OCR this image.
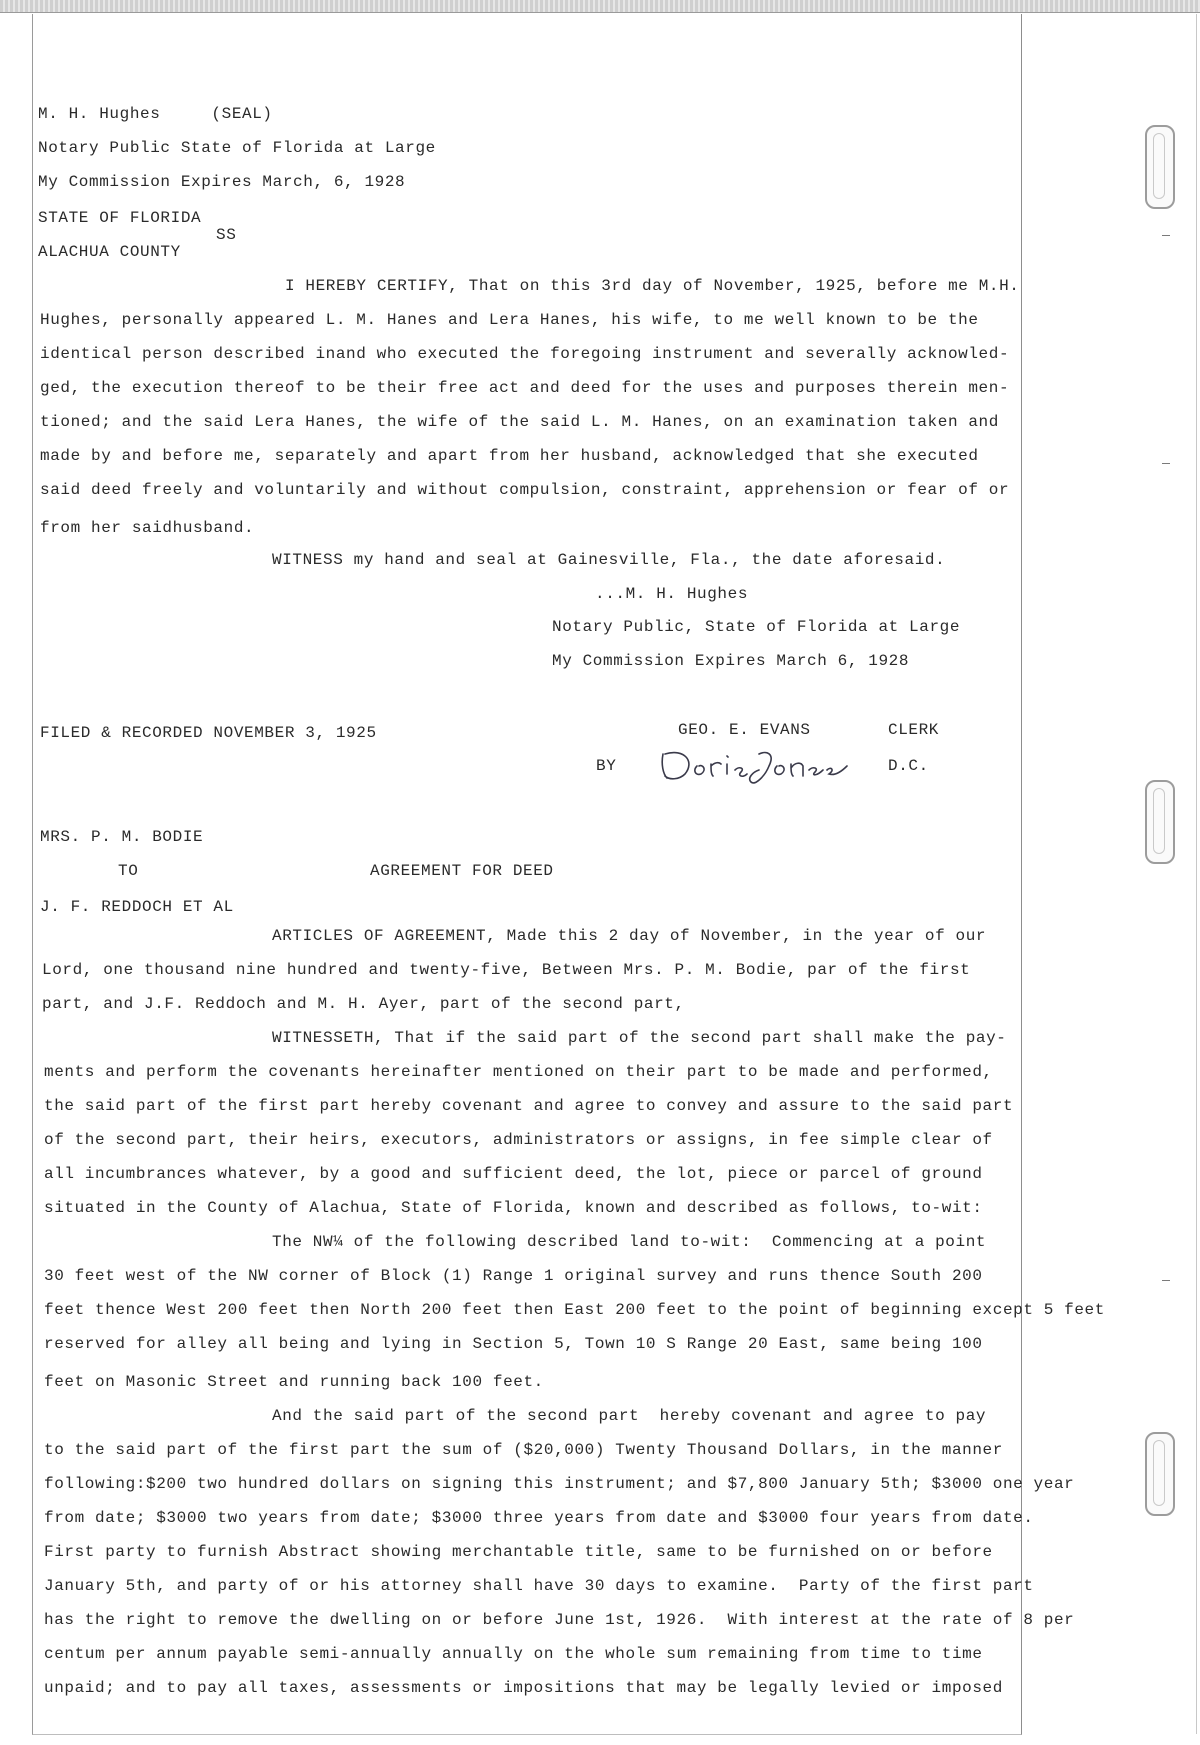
M. H. Hughes     (SEAL)
Notary Public State of Florida at Large
My Commission Expires March, 6, 1928
STATE OF FLORIDA
SS
ALACHUA COUNTY
I HEREBY CERTIFY, That on this 3rd day of November, 1925, before me M.H.
Hughes, personally appeared L. M. Hanes and Lera Hanes, his wife, to me well known to be the
identical person described inand who executed the foregoing instrument and severally acknowled-
ged, the execution thereof to be their free act and deed for the uses and purposes therein men-
tioned; and the said Lera Hanes, the wife of the said L. M. Hanes, on an examination taken and
made by and before me, separately and apart from her husband, acknowledged that she executed
said deed freely and voluntarily and without compulsion, constraint, apprehension or fear of or
from her saidhusband.
WITNESS my hand and seal at Gainesville, Fla., the date aforesaid.
...M. H. Hughes
Notary Public, State of Florida at Large
My Commission Expires March 6, 1928
FILED & RECORDED NOVEMBER 3, 1925	GEO. E. EVANS	CLERK
BY	D.C.
MRS. P. M. BODIE
TO	AGREEMENT FOR DEED
J. F. REDDOCH ET AL
ARTICLES OF AGREEMENT, Made this 2 day of November, in the year of our
Lord, one thousand nine hundred and twenty-five, Between Mrs. P. M. Bodie, par of the first
part, and J.F. Reddoch and M. H. Ayer, part of the second part,
WITNESSETH, That if the said part of the second part shall make the pay-
ments and perform the covenants hereinafter mentioned on their part to be made and performed,
the said part of the first part hereby covenant and agree to convey and assure to the said part
of the second part, their heirs, executors, administrators or assigns, in fee simple clear of
all incumbrances whatever, by a good and sufficient deed, the lot, piece or parcel of ground
situated in the County of Alachua, State of Florida, known and described as follows, to-wit:
The NW¼ of the following described land to-wit:  Commencing at a point
30 feet west of the NW corner of Block (1) Range 1 original survey and runs thence South 200
feet thence West 200 feet then North 200 feet then East 200 feet to the point of beginning except 5 feet
reserved for alley all being and lying in Section 5, Town 10 S Range 20 East, same being 100
feet on Masonic Street and running back 100 feet.
And the said part of the second part  hereby covenant and agree to pay
to the said part of the first part the sum of ($20,000) Twenty Thousand Dollars, in the manner
following:$200 two hundred dollars on signing this instrument; and $7,800 January 5th; $3000 one year
from date; $3000 two years from date; $3000 three years from date and $3000 four years from date.
First party to furnish Abstract showing merchantable title, same to be furnished on or before
January 5th, and party of or his attorney shall have 30 days to examine.  Party of the first part
has the right to remove the dwelling on or before June 1st, 1926.  With interest at the rate of 8 per
centum per annum payable semi-annually annually on the whole sum remaining from time to time
unpaid; and to pay all taxes, assessments or impositions that may be legally levied or imposed
